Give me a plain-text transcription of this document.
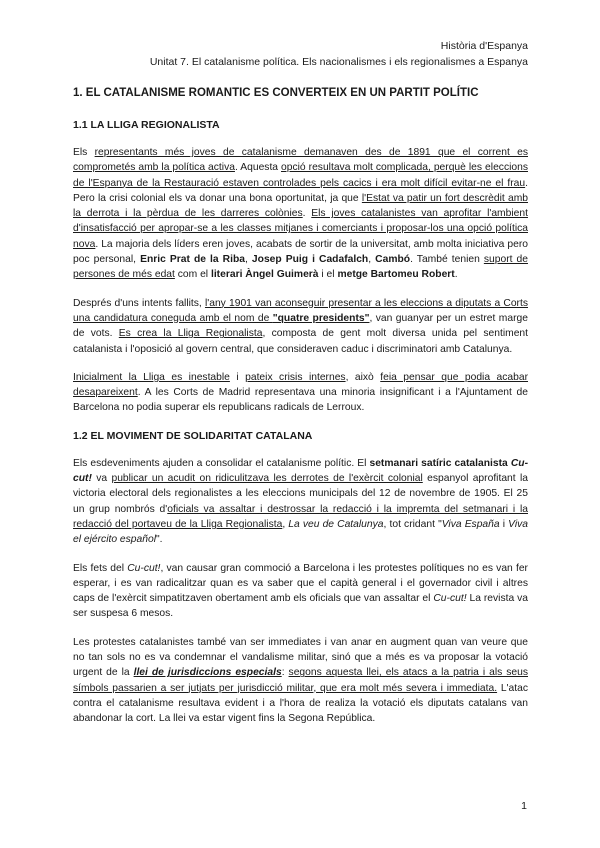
Història d'Espanya
Unitat 7. El catalanisme política. Els nacionalismes i els regionalismes a Espanya
1. EL CATALANISME ROMANTIC ES CONVERTEIX EN UN PARTIT POLÍTIC
1.1 LA LLIGA REGIONALISTA

Els representants més joves de catalanisme demanaven des de 1891 que el corrent es comprometés amb la política activa. Aquesta opció resultava molt complicada, perquè les eleccions de l'Espanya de la Restauració estaven controlades pels cacics i era molt difícil evitar-ne el frau. Pero la crisi colonial els va donar una bona oportunitat, ja que l'Estat va patir un fort descrèdit amb la derrota i la pèrdua de les darreres colònies. Els joves catalanistes van aprofitar l'ambient d'insatisfacció per apropar-se a les classes mitjanes i comerciants i proposar-los una opció política nova. La majoria dels líders eren joves, acabats de sortir de la universitat, amb molta iniciativa pero poc personal, Enric Prat de la Riba, Josep Puig i Cadafalch, Cambó. També tenien suport de persones de més edat com el literari Àngel Guimerà i el metge Bartomeu Robert.

Després d'uns intents fallits, l'any 1901 van aconseguir presentar a les eleccions a diputats a Corts una candidatura coneguda amb el nom de "quatre presidents", van guanyar per un estret marge de vots. Es crea la Lliga Regionalista, composta de gent molt diversa unida pel sentiment catalanista i l'oposició al govern central, que consideraven caduc i discriminatori amb Catalunya.

Inicialment la Lliga es inestable i pateix crisis internes, això feia pensar que podia acabar desapareixent. A les Corts de Madrid representava una minoria insignificant i a l'Ajuntament de Barcelona no podia superar els republicans radicals de Lerroux.

1.2 EL MOVIMENT DE SOLIDARITAT CATALANA

Els esdeveniments ajuden a consolidar el catalanisme polític. El setmanari satíric catalanista Cu-cut! va publicar un acudit on ridiculitzava les derrotes de l'exèrcit colonial espanyol aprofitant la victoria electoral dels regionalistes a les eleccions municipals del 12 de novembre de 1905. El 25 un grup nombrós d'oficials va assaltar i destrossar la redacció i la impremta del setmanari i la redacció del portaveu de la Lliga Regionalista, La veu de Catalunya, tot cridant "Viva España i Viva el ejército español".

Els fets del Cu-cut!, van causar gran commoció a Barcelona i les protestes polítiques no es van fer esperar, i es van radicalitzar quan es va saber que el capità general i el governador civil i altres caps de l'exèrcit simpatitzaven obertament amb els oficials que van assaltar el Cu-cut! La revista va ser suspesa 6 mesos.

Les protestes catalanistes també van ser immediates i van anar en augment quan van veure que no tan sols no es va condemnar el vandalisme militar, sinó que a més es va proposar la votació urgent de la llei de jurisdiccions especials: segons aquesta llei, els atacs a la patria i als seus símbols passarien a ser jutjats per jurisdicció militar, que era molt més severa i immediata. L'atac contra el catalanisme resultava evident i a l'hora de realiza la votació els diputats catalans van abandonar la cort. La llei va estar vigent fins la Segona República.

1
